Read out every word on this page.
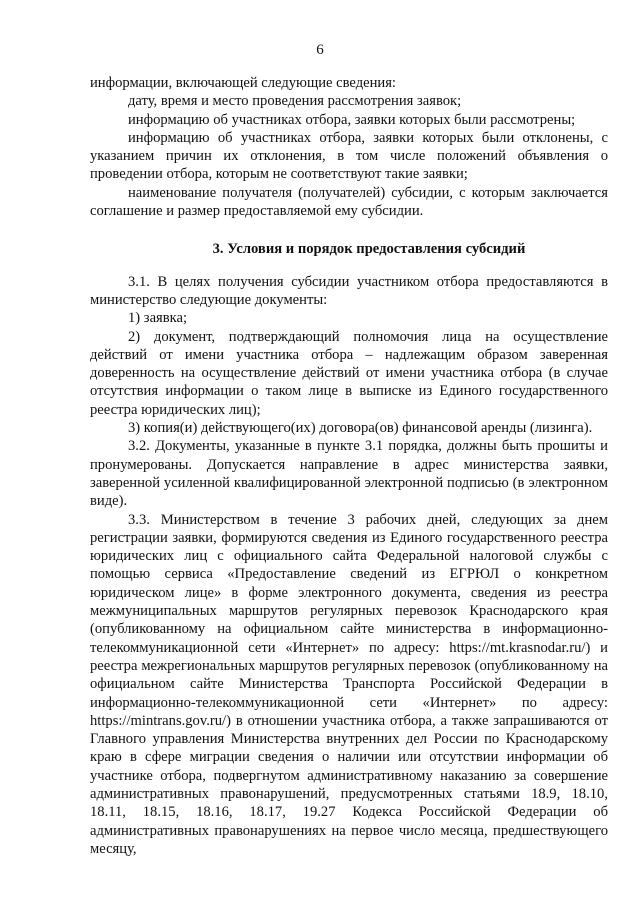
6

информации, включающей следующие сведения:

дату, время и место проведения рассмотрения заявок;

информацию об участниках отбора, заявки которых были рассмотрены;

информацию об участниках отбора, заявки которых были отклонены, с указанием причин их отклонения, в том числе положений объявления о проведении отбора, которым не соответствуют такие заявки;

наименование получателя (получателей) субсидии, с которым заключается соглашение и размер предоставляемой ему субсидии.

3. Условия и порядок предоставления субсидий

3.1. В целях получения субсидии участником отбора предоставляются в министерство следующие документы:

1) заявка;

2) документ, подтверждающий полномочия лица на осуществление действий от имени участника отбора – надлежащим образом заверенная доверенность на осуществление действий от имени участника отбора (в случае отсутствия информации о таком лице в выписке из Единого государственного реестра юридических лиц);

3) копия(и) действующего(их) договора(ов) финансовой аренды (лизинга).

3.2. Документы, указанные в пункте 3.1 порядка, должны быть прошиты и пронумерованы. Допускается направление в адрес министерства заявки, заверенной усиленной квалифицированной электронной подписью (в электронном виде).

3.3. Министерством в течение 3 рабочих дней, следующих за днем регистрации заявки, формируются сведения из Единого государственного реестра юридических лиц с официального сайта Федеральной налоговой службы с помощью сервиса «Предоставление сведений из ЕГРЮЛ о конкретном юридическом лице» в форме электронного документа, сведения из реестра межмуниципальных маршрутов регулярных перевозок Краснодарского края (опубликованному на официальном сайте министерства в информационно-телекоммуникационной сети «Интернет» по адресу: https://mt.krasnodar.ru/) и реестра межрегиональных маршрутов регулярных перевозок (опубликованному на официальном сайте Министерства Транспорта Российской Федерации в информационно-телекоммуникационной сети «Интернет» по адресу: https://mintrans.gov.ru/) в отношении участника отбора, а также запрашиваются от Главного управления Министерства внутренних дел России по Краснодарскому краю в сфере миграции сведения о наличии или отсутствии информации об участнике отбора, подвергнутом административному наказанию за совершение административных правонарушений, предусмотренных статьями 18.9, 18.10, 18.11, 18.15, 18.16, 18.17, 19.27 Кодекса Российской Федерации об административных правонарушениях на первое число месяца, предшествующего месяцу,
